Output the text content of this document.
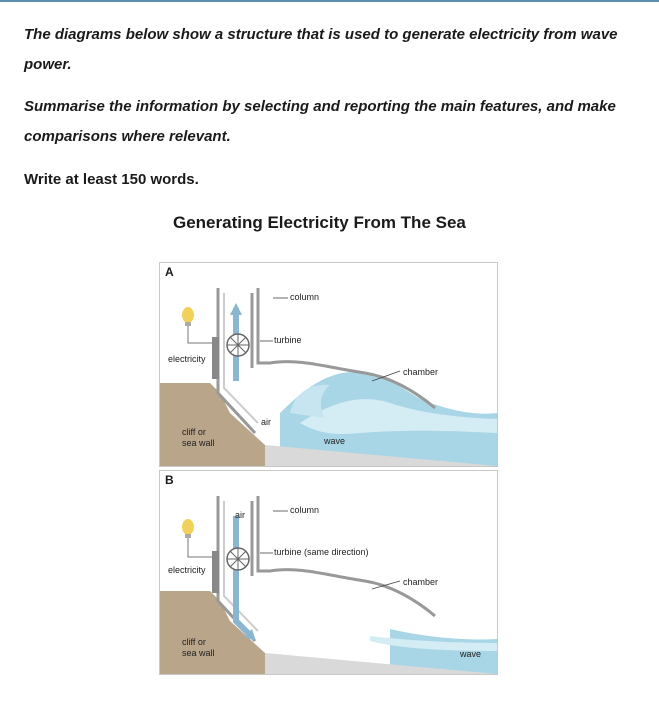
The diagrams below show a structure that is used to generate electricity from wave power.
Summarise the information by selecting and reporting the main features, and make comparisons where relevant.
Write at least 150 words.
Generating Electricity From The Sea
A
column
turbine
electricity
chamber
air
wave
cliff or
sea wall
B
air	column
turbine (same direction)
electricity
chamber
cliff or
sea wall	wave
